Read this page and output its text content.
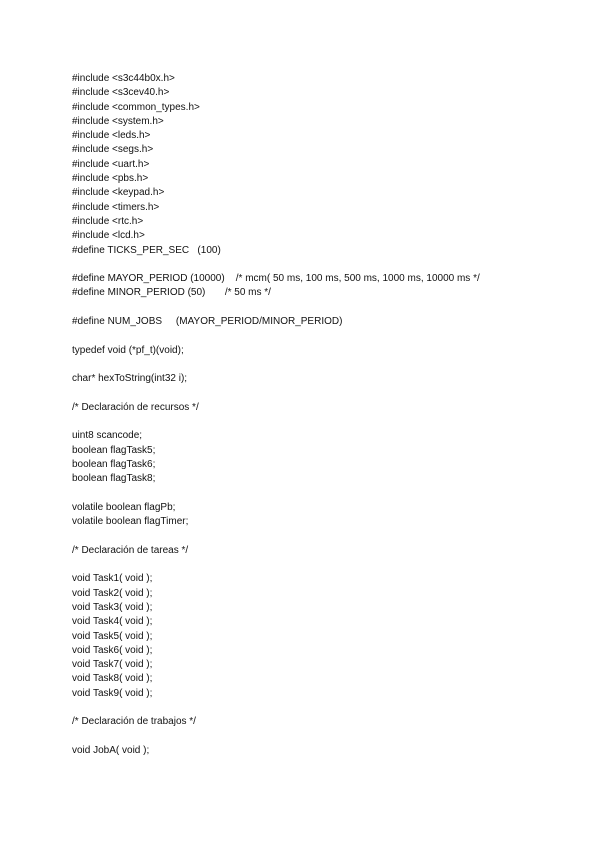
#include <s3c44b0x.h>
#include <s3cev40.h>
#include <common_types.h>
#include <system.h>
#include <leds.h>
#include <segs.h>
#include <uart.h>
#include <pbs.h>
#include <keypad.h>
#include <timers.h>
#include <rtc.h>
#include <lcd.h>
#define TICKS_PER_SEC   (100)
#define MAYOR_PERIOD (10000)    /* mcm( 50 ms, 100 ms, 500 ms, 1000 ms, 10000 ms */
#define MINOR_PERIOD (50)       /* 50 ms */
#define NUM_JOBS     (MAYOR_PERIOD/MINOR_PERIOD)
typedef void (*pf_t)(void);
char* hexToString(int32 i);
/* Declaración de recursos */
uint8 scancode;
boolean flagTask5;
boolean flagTask6;
boolean flagTask8;
volatile boolean flagPb;
volatile boolean flagTimer;
/* Declaración de tareas */
void Task1( void );
void Task2( void );
void Task3( void );
void Task4( void );
void Task5( void );
void Task6( void );
void Task7( void );
void Task8( void );
void Task9( void );
/* Declaración de trabajos */
void JobA( void );
